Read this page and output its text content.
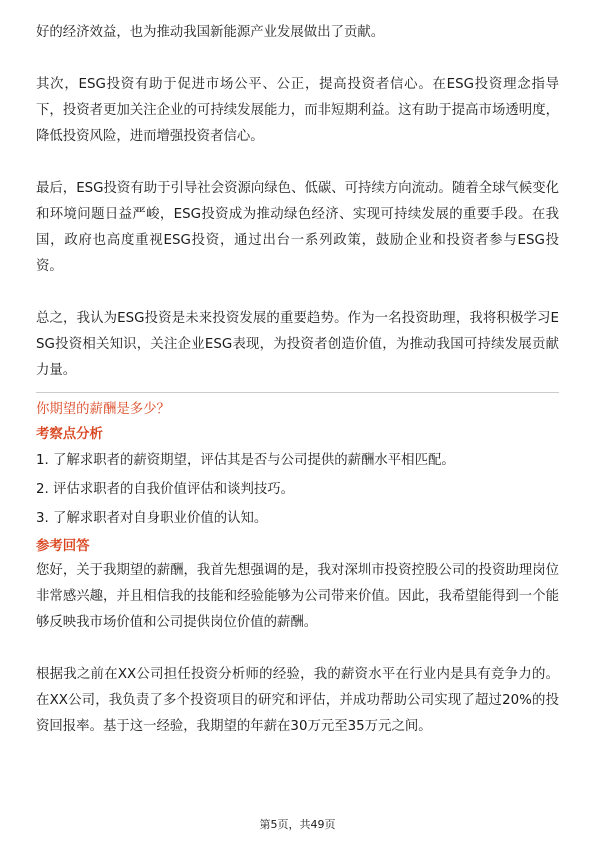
好的经济效益，也为推动我国新能源产业发展做出了贡献。

其次，ESG投资有助于促进市场公平、公正，提高投资者信心。在ESG投资理念指导下，投资者更加关注企业的可持续发展能力，而非短期利益。这有助于提高市场透明度，降低投资风险，进而增强投资者信心。

最后，ESG投资有助于引导社会资源向绿色、低碳、可持续方向流动。随着全球气候变化和环境问题日益严峻，ESG投资成为推动绿色经济、实现可持续发展的重要手段。在我国，政府也高度重视ESG投资，通过出台一系列政策，鼓励企业和投资者参与ESG投资。

总之，我认为ESG投资是未来投资发展的重要趋势。作为一名投资助理，我将积极学习ESG投资相关知识，关注企业ESG表现，为投资者创造价值，为推动我国可持续发展贡献力量。

你期望的薪酬是多少？

考察点分析

1. 了解求职者的薪资期望，评估其是否与公司提供的薪酬水平相匹配。

2. 评估求职者的自我价值评估和谈判技巧。

3. 了解求职者对自身职业价值的认知。

参考回答

您好，关于我期望的薪酬，我首先想强调的是，我对深圳市投资控股公司的投资助理岗位非常感兴趣，并且相信我的技能和经验能够为公司带来价值。因此，我希望能得到一个能够反映我市场价值和公司提供岗位价值的薪酬。

根据我之前在XX公司担任投资分析师的经验，我的薪资水平在行业内是具有竞争力的。在XX公司，我负责了多个投资项目的研究和评估，并成功帮助公司实现了超过20%的投资回报率。基于这一经验，我期望的年薪在30万元至35万元之间。

第5页，共49页
